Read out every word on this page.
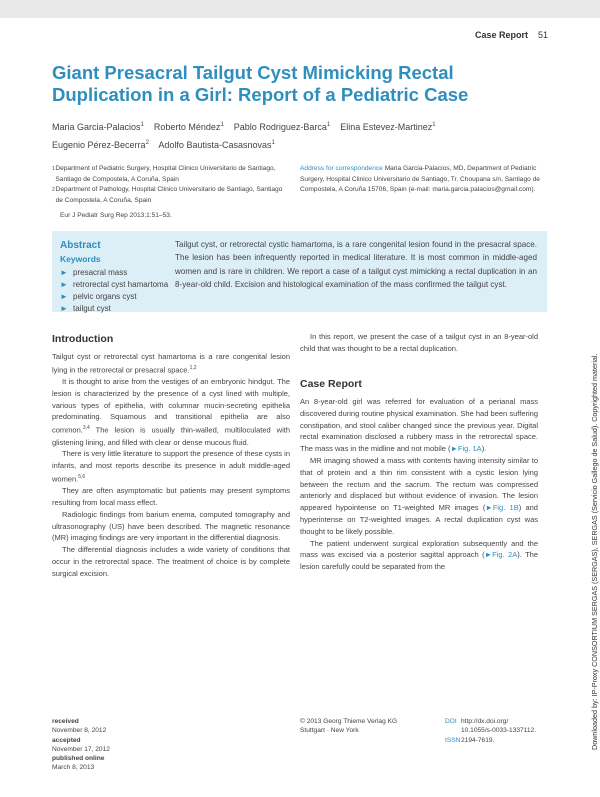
Case Report 51
Giant Presacral Tailgut Cyst Mimicking Rectal Duplication in a Girl: Report of a Pediatric Case
Maria Garcia-Palacios$^1$ Roberto Méndez$^1$ Pablo Rodriguez-Barca$^1$ Elina Estevez-Martinez$^1$
Eugenio Pérez-Becerra$^2$ Adolfo Bautista-Casasnovas$^1$
1 Department of Pediatric Surgery, Hospital Clinico Universitario de Santiago, Santiago de Compostela, A Coruña, Spain
2 Department of Pathology, Hospital Clinico Universitario de Santiago, Santiago de Compostela, A Coruña, Spain
Address for correspondence Maria Garcia-Palacios, MD, Department of Pediatric Surgery, Hospital Clinico Universitario de Santiago, Tr. Choupana s/n, Santiago de Compostela, A Coruña 15706, Spain (e-mail: maria.garcia.palacios@gmail.com).
Eur J Pediatr Surg Rep 2013;1:51–53.
Abstract
Keywords
► presacral mass
► retrorectal cyst hamartoma
► pelvic organs cyst
► tailgut cyst
Tailgut cyst, or retrorectal cystic hamartoma, is a rare congenital lesion found in the presacral space. The lesion has been infrequently reported in medical literature. It is most common in middle-aged women and is rare in children. We report a case of a tailgut cyst mimicking a rectal duplication in an 8-year-old child. Excision and histological examination of the mass confirmed the tailgut cyst.
Introduction

Tailgut cyst or retrorectal cyst hamartoma is a rare congenital lesion lying in the retrorectal or presacral space.$^{1,2}$

It is thought to arise from the vestiges of an embryonic hindgut. The lesion is characterized by the presence of a cyst lined with multiple, various types of epithelia, with columnar mucin-secreting epithelia predominating. Squamous and transitional epithelia are also common.$^{3,4}$ The lesion is usually thin-walled, multiloculated with glistening lining, and filled with clear or dense mucous fluid.

There is very little literature to support the presence of these cysts in infants, and most reports describe its presence in adult middle-aged women.$^{5,6}$

They are often asymptomatic but patients may present symptoms resulting from local mass effect.

Radiologic findings from barium enema, computed tomography and ultrasonography (US) have been described. The magnetic resonance (MR) imaging findings are very important in the differential diagnosis.

The differential diagnosis includes a wide variety of conditions that occur in the retrorectal space. The treatment of choice is by complete surgical excision.

In this report, we present the case of a tailgut cyst in an 8-year-old child that was thought to be a rectal duplication.

Case Report

An 8-year-old girl was referred for evaluation of a perianal mass discovered during routine physical examination. She had been suffering constipation, and stool caliber changed since the previous year. Digital rectal examination disclosed a rubbery mass in the retrorectal space. The mass was in the midline and not mobile (►Fig. 1A).

MR imaging showed a mass with contents having intensity similar to that of protein and a thin rim consistent with a cystic lesion lying between the rectum and the sacrum. The rectum was compressed anteriorly and displaced but without evidence of invasion. The lesion appeared hypointense on T1-weighted MR images (►Fig. 1B) and hyperintense on T2-weighted images. A rectal duplication cyst was thought to be likely possible.

The patient underwent surgical exploration subsequently and the mass was excised via a posterior sagittal approach (►Fig. 2A). The lesion carefully could be separated from the

received
November 8, 2012
accepted
November 17, 2012
published online
March 8, 2013
© 2013 Georg Thieme Verlag KG
Stuttgart · New York
DOI http://dx.doi.org/
10.1055/s-0033-1337112.
ISSN2194-7619.	Downloaded by: IP-Proxy CONSORTIUM SERGAS (SERGAS), SERGAS (Servicio Gallego de Salud). Copyrighted material.
